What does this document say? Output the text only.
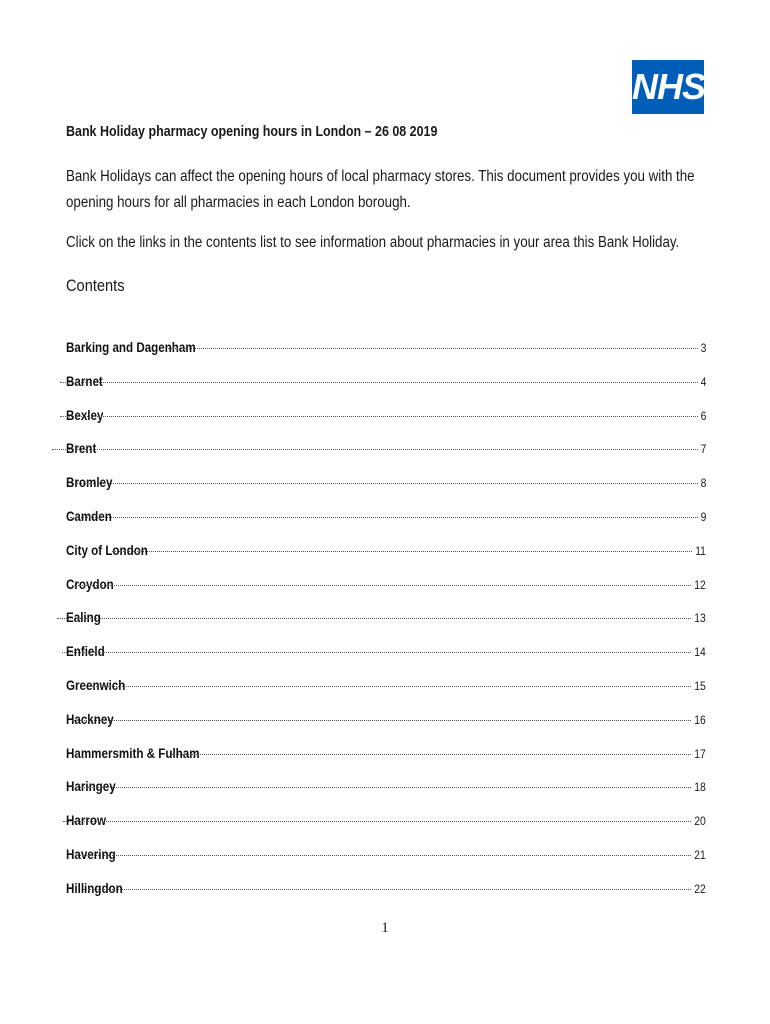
NHS
Bank Holiday pharmacy opening hours in London – 26 08 2019
Bank Holidays can affect the opening hours of local pharmacy stores. This document provides you with the opening hours for all pharmacies in each London borough.
Click on the links in the contents list to see information about pharmacies in your area this Bank Holiday.
Contents
Barking and Dagenham	3
Barnet	4
Bexley	6
Brent	7
Bromley	8
Camden	9
City of London	11
Croydon	12
Ealing	13
Enfield	14
Greenwich	15
Hackney	16
Hammersmith & Fulham	17
Haringey	18
Harrow	20
Havering	21
Hillingdon	22
1
